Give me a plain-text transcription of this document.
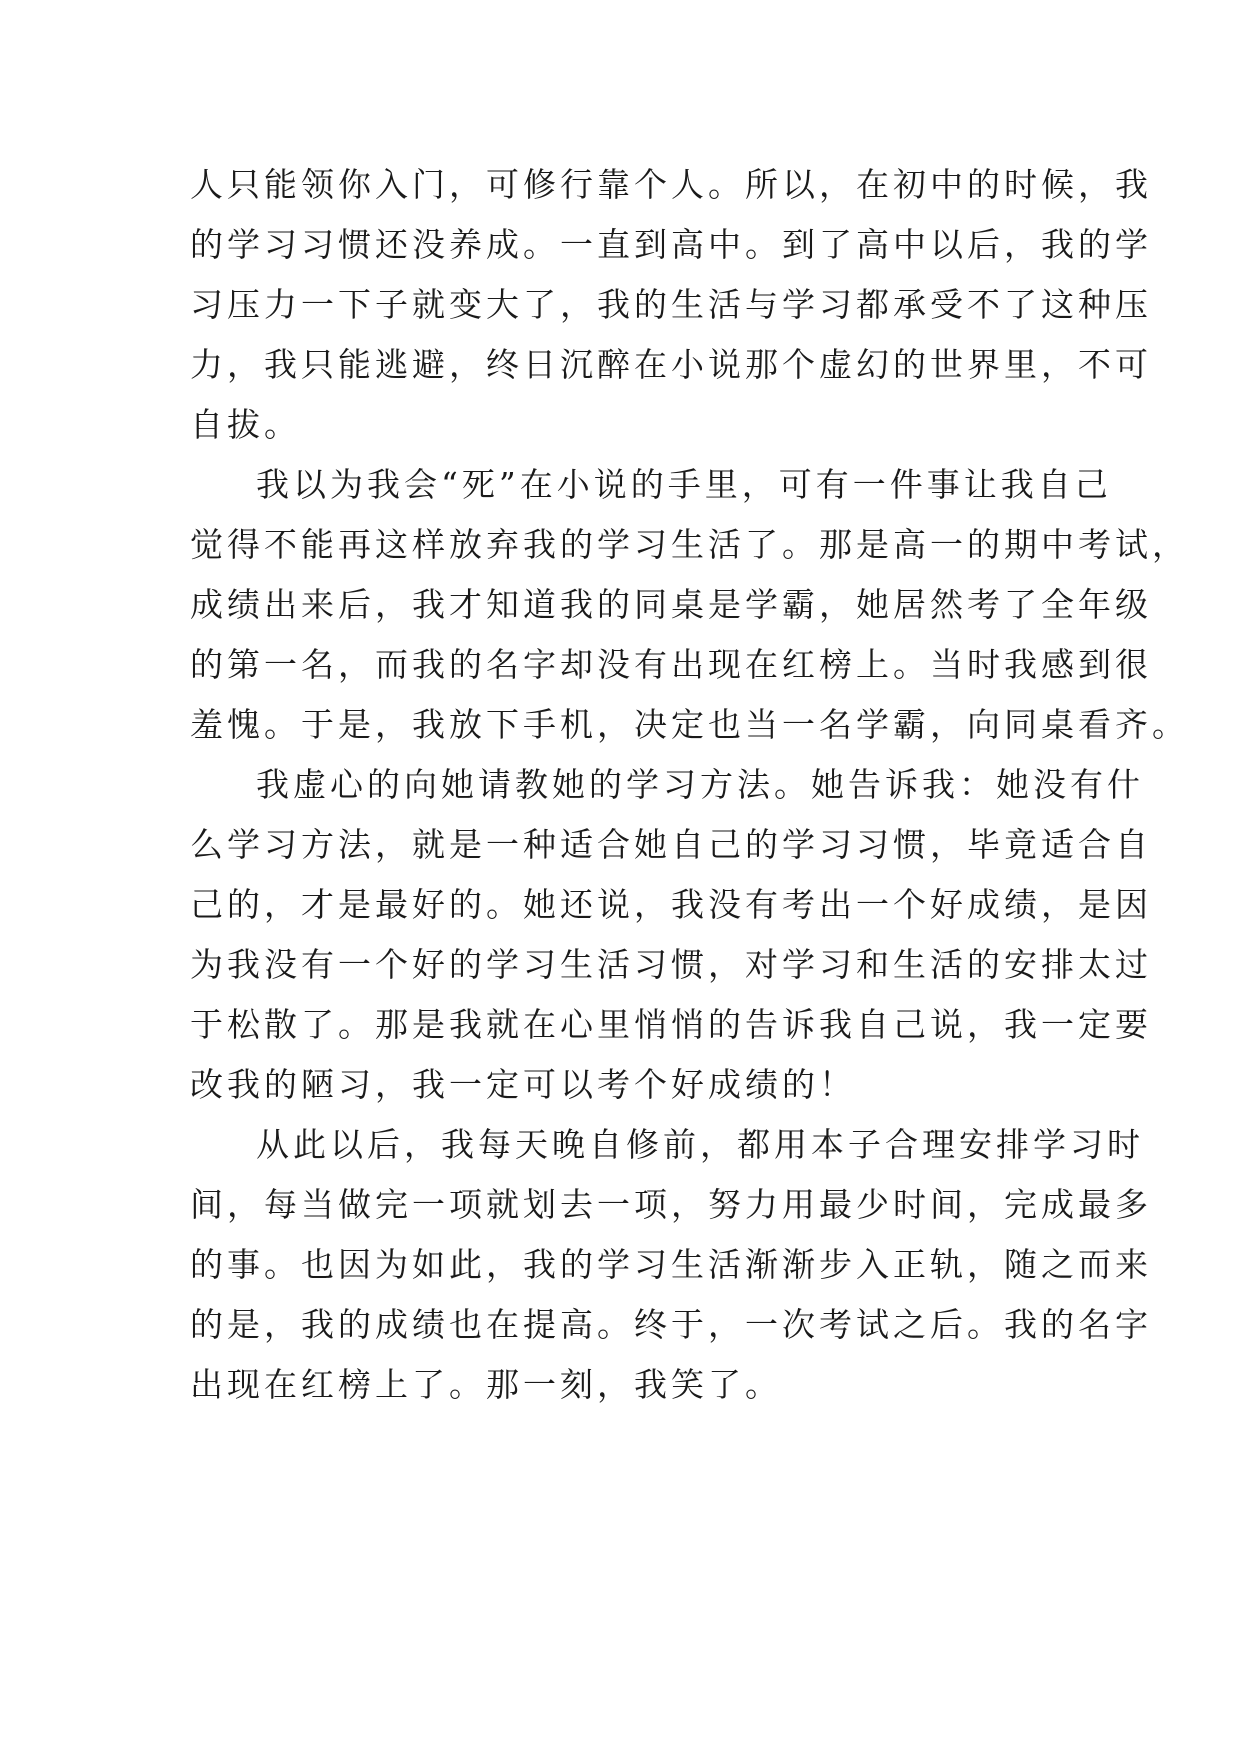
人只能领你入门，可修行靠个人。所以，在初中的时候，我
的学习习惯还没养成。一直到高中。到了高中以后，我的学
习压力一下子就变大了，我的生活与学习都承受不了这种压
力，我只能逃避，终日沉醉在小说那个虚幻的世界里，不可
自拔。
我以为我会“死”在小说的手里，可有一件事让我自己
觉得不能再这样放弃我的学习生活了。那是高一的期中考试，
成绩出来后，我才知道我的同桌是学霸，她居然考了全年级
的第一名，而我的名字却没有出现在红榜上。当时我感到很
羞愧。于是，我放下手机，决定也当一名学霸，向同桌看齐。
我虚心的向她请教她的学习方法。她告诉我：她没有什
么学习方法，就是一种适合她自己的学习习惯，毕竟适合自
己的，才是最好的。她还说，我没有考出一个好成绩，是因
为我没有一个好的学习生活习惯，对学习和生活的安排太过
于松散了。那是我就在心里悄悄的告诉我自己说，我一定要
改我的陋习，我一定可以考个好成绩的！
从此以后，我每天晚自修前，都用本子合理安排学习时
间，每当做完一项就划去一项，努力用最少时间，完成最多
的事。也因为如此，我的学习生活渐渐步入正轨，随之而来
的是，我的成绩也在提高。终于，一次考试之后。我的名字
出现在红榜上了。那一刻，我笑了。
